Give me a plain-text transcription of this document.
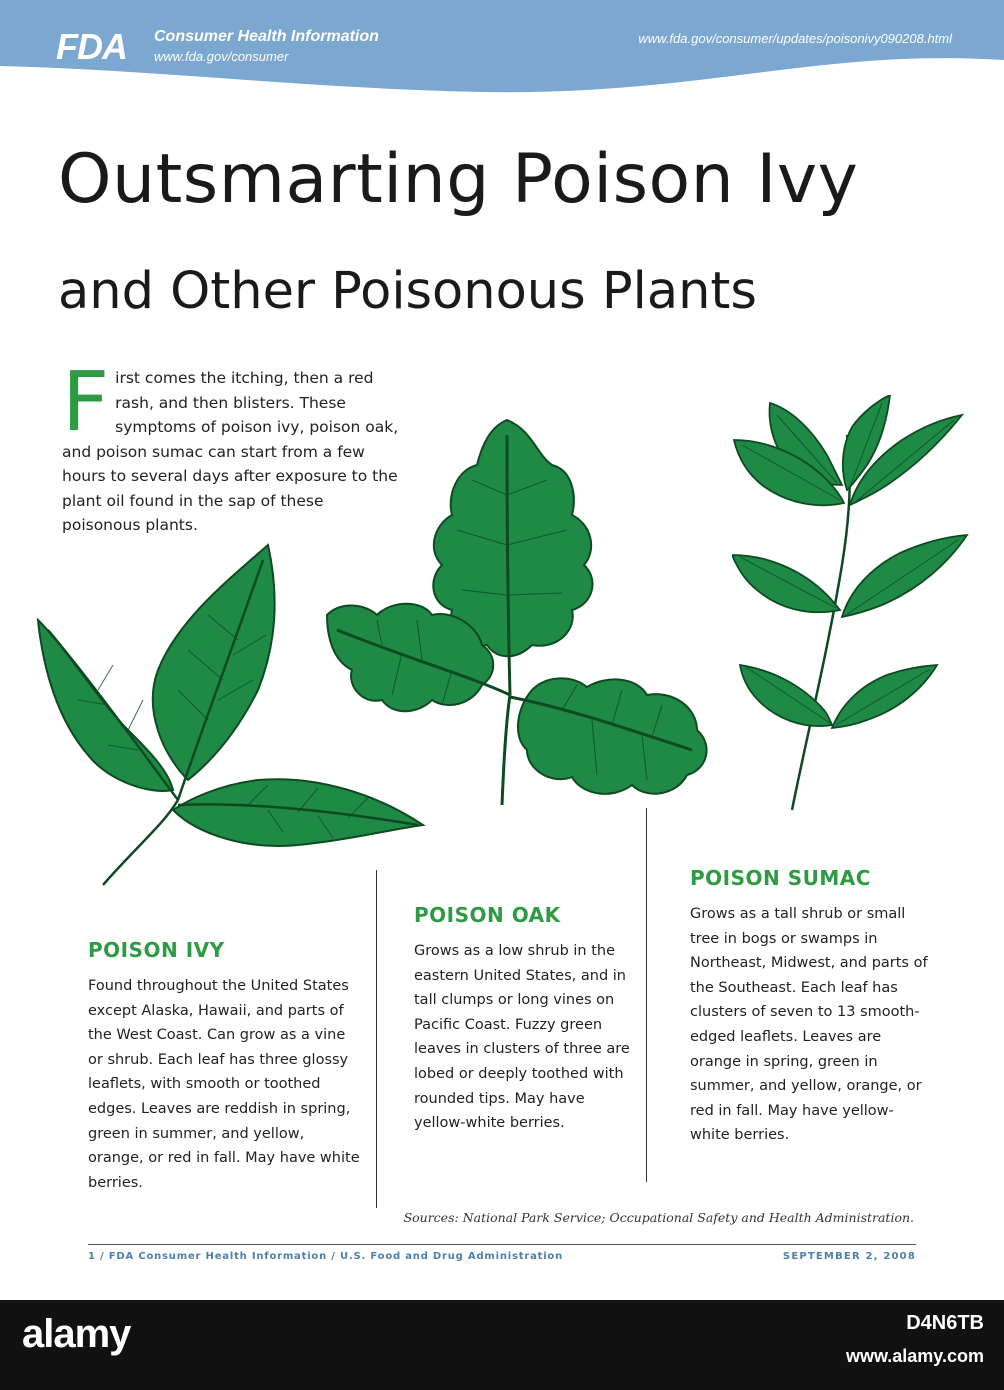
FDA Consumer Health Information
www.fda.gov/consumer
www.fda.gov/consumer/updates/poisonivy090208.html
Outsmarting Poison Ivy
and Other Poisonous Plants
F irst comes the itching, then a red rash, and then blisters. These symptoms of poison ivy, poison oak, and poison sumac can start from a few hours to several days after exposure to the plant oil found in the sap of these poisonous plants.
POISON IVY

Found throughout the United States except Alaska, Hawaii, and parts of the West Coast. Can grow as a vine or shrub. Each leaf has three glossy leaflets, with smooth or toothed edges. Leaves are reddish in spring, green in summer, and yellow, orange, or red in fall. May have white berries.

POISON OAK

Grows as a low shrub in the eastern United States, and in tall clumps or long vines on Pacific Coast. Fuzzy green leaves in clusters of three are lobed or deeply toothed with rounded tips. May have yellow-white berries.

POISON SUMAC

Grows as a tall shrub or small tree in bogs or swamps in Northeast, Midwest, and parts of the Southeast. Each leaf has clusters of seven to 13 smooth-edged leaflets. Leaves are orange in spring, green in summer, and yellow, orange, or red in fall. May have yellow-white berries.

Sources: National Park Service; Occupational Safety and Health Administration.
1 / FDA Consumer Health Information / U.S. Food and Drug Administration	SEPTEMBER 2, 2008
alamy	D4N6TB
www.alamy.com
